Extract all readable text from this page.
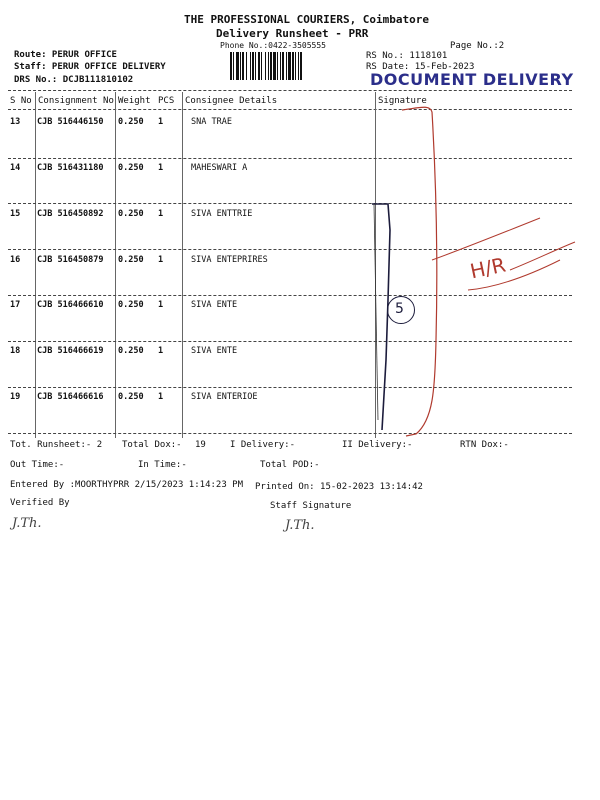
THE PROFESSIONAL COURIERS, Coimbatore
Delivery Runsheet - PRR
Phone No.:0422-3505555	Page No.:2
Route: PERUR OFFICE
Staff: PERUR OFFICE DELIVERY
DRS No.: DCJB111810102
RS No.: 1118101
RS Date: 15-Feb-2023
DOCUMENT DELIVERY
S No Consignment No Weight PCS Consignee Details	Signature
13 CJB 516446150 0.250 1	SNA TRAE
14 CJB 516431180 0.250 1	MAHESWARI A
15 CJB 516450892 0.250 1	SIVA ENTTRIE
16 CJB 516450879 0.250 1	SIVA ENTEPRIRES
17 CJB 516466610 0.250 1	SIVA ENTE
18 CJB 516466619 0.250 1	SIVA ENTE
19 CJB 516466616 0.250 1	SIVA ENTERIOE
5
H/R
Tot. Runsheet:- 2 Total Dox:- 19	I Delivery:-	II Delivery:-	RTN Dox:-
Out Time:-	In Time:-	Total POD:-
Entered By :MOORTHYPRR 2/15/2023 1:14:23 PM Printed On: 15-02-2023 13:14:42
Verified By	Staff Signature
J.Th.	J.Th.
